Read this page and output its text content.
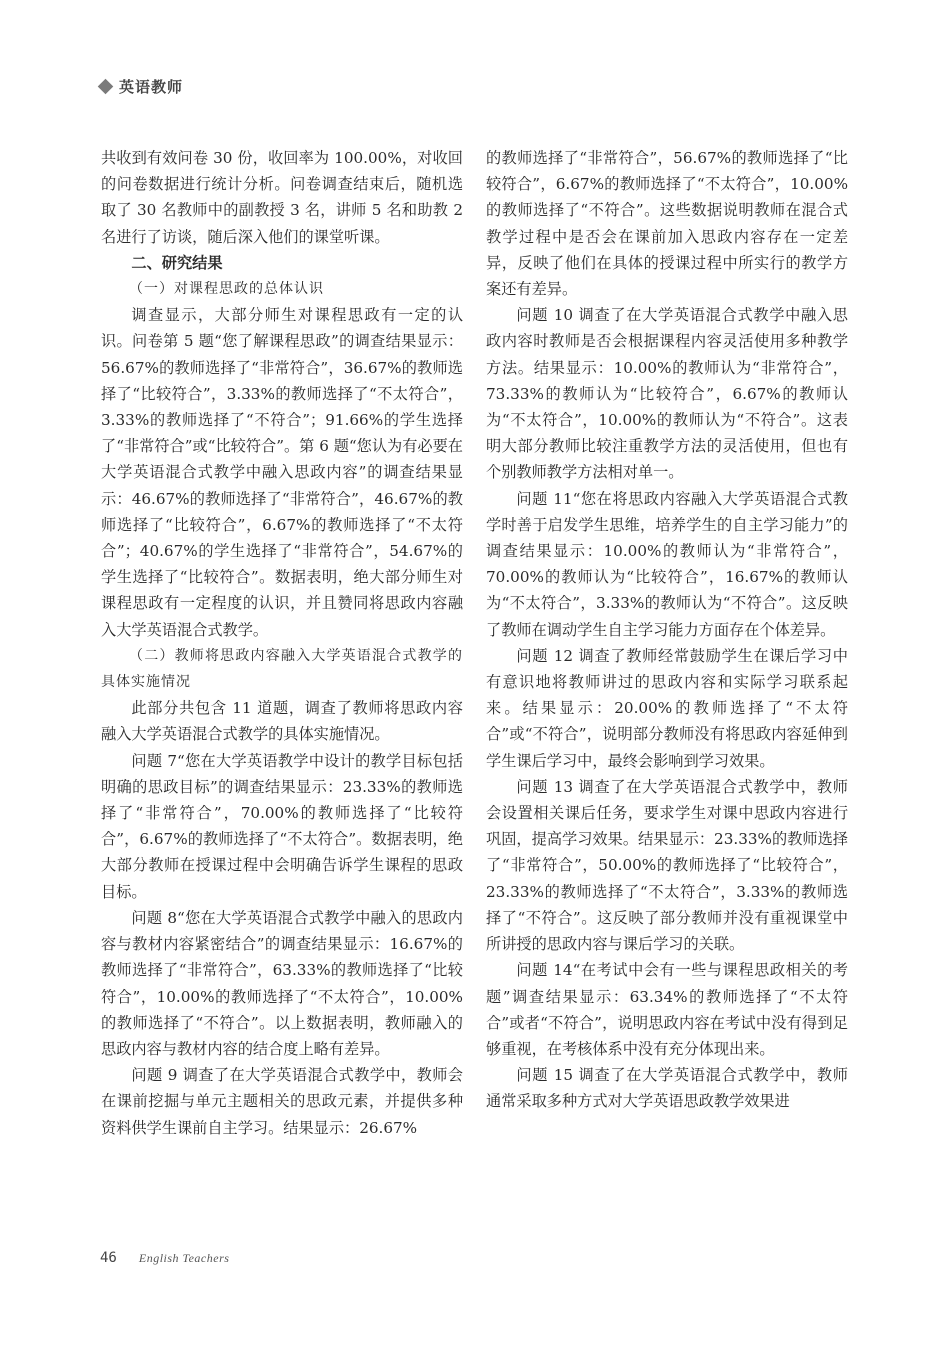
英语教师

共收到有效问卷 30 份，收回率为 100.00%，对收回的问卷数据进行统计分析。问卷调查结束后，随机选取了 30 名教师中的副教授 3 名，讲师 5 名和助教 2 名进行了访谈，随后深入他们的课堂听课。

二、研究结果
（一）对课程思政的总体认识

调查显示，大部分师生对课程思政有一定的认识。问卷第 5 题“您了解课程思政”的调查结果显示：56.67%的教师选择了“非常符合”，36.67%的教师选择了“比较符合”，3.33%的教师选择了“不太符合”，3.33%的教师选择了“不符合”；91.66%的学生选择了“非常符合”或“比较符合”。第 6 题“您认为有必要在大学英语混合式教学中融入思政内容”的调查结果显示：46.67%的教师选择了“非常符合”，46.67%的教师选择了“比较符合”，6.67%的教师选择了“不太符合”；40.67%的学生选择了“非常符合”，54.67%的学生选择了“比较符合”。数据表明，绝大部分师生对课程思政有一定程度的认识，并且赞同将思政内容融入大学英语混合式教学。

（二）教师将思政内容融入大学英语混合式教学的具体实施情况

此部分共包含 11 道题，调查了教师将思政内容融入大学英语混合式教学的具体实施情况。

问题 7“您在大学英语教学中设计的教学目标包括明确的思政目标”的调查结果显示：23.33%的教师选择了“非常符合”，70.00%的教师选择了“比较符合”，6.67%的教师选择了“不太符合”。数据表明，绝大部分教师在授课过程中会明确告诉学生课程的思政目标。

问题 8“您在大学英语混合式教学中融入的思政内容与教材内容紧密结合”的调查结果显示：16.67%的教师选择了“非常符合”，63.33%的教师选择了“比较符合”，10.00%的教师选择了“不太符合”，10.00%的教师选择了“不符合”。以上数据表明，教师融入的思政内容与教材内容的结合度上略有差异。

问题 9 调查了在大学英语混合式教学中，教师会在课前挖掘与单元主题相关的思政元素，并提供多种资料供学生课前自主学习。结果显示：26.67%

的教师选择了“非常符合”，56.67%的教师选择了“比较符合”，6.67%的教师选择了“不太符合”，10.00%的教师选择了“不符合”。这些数据说明教师在混合式教学过程中是否会在课前加入思政内容存在一定差异，反映了他们在具体的授课过程中所实行的教学方案还有差异。

问题 10 调查了在大学英语混合式教学中融入思政内容时教师是否会根据课程内容灵活使用多种教学方法。结果显示：10.00%的教师认为“非常符合”，73.33%的教师认为“比较符合”，6.67%的教师认为“不太符合”，10.00%的教师认为“不符合”。这表明大部分教师比较注重教学方法的灵活使用，但也有个别教师教学方法相对单一。

问题 11“您在将思政内容融入大学英语混合式教学时善于启发学生思维，培养学生的自主学习能力”的调查结果显示：10.00%的教师认为“非常符合”，70.00%的教师认为“比较符合”，16.67%的教师认为“不太符合”，3.33%的教师认为“不符合”。这反映了教师在调动学生自主学习能力方面存在个体差异。

问题 12 调查了教师经常鼓励学生在课后学习中有意识地将教师讲过的思政内容和实际学习联系起来。结果显示：20.00%的教师选择了“不太符合”或“不符合”，说明部分教师没有将思政内容延伸到学生课后学习中，最终会影响到学习效果。

问题 13 调查了在大学英语混合式教学中，教师会设置相关课后任务，要求学生对课中思政内容进行巩固，提高学习效果。结果显示：23.33%的教师选择了“非常符合”，50.00%的教师选择了“比较符合”，23.33%的教师选择了“不太符合”，3.33%的教师选择了“不符合”。这反映了部分教师并没有重视课堂中所讲授的思政内容与课后学习的关联。

问题 14“在考试中会有一些与课程思政相关的考题”调查结果显示：63.34%的教师选择了“不太符合”或者“不符合”，说明思政内容在考试中没有得到足够重视，在考核体系中没有充分体现出来。

问题 15 调查了在大学英语混合式教学中，教师通常采取多种方式对大学英语思政教学效果进

46 English Teachers
